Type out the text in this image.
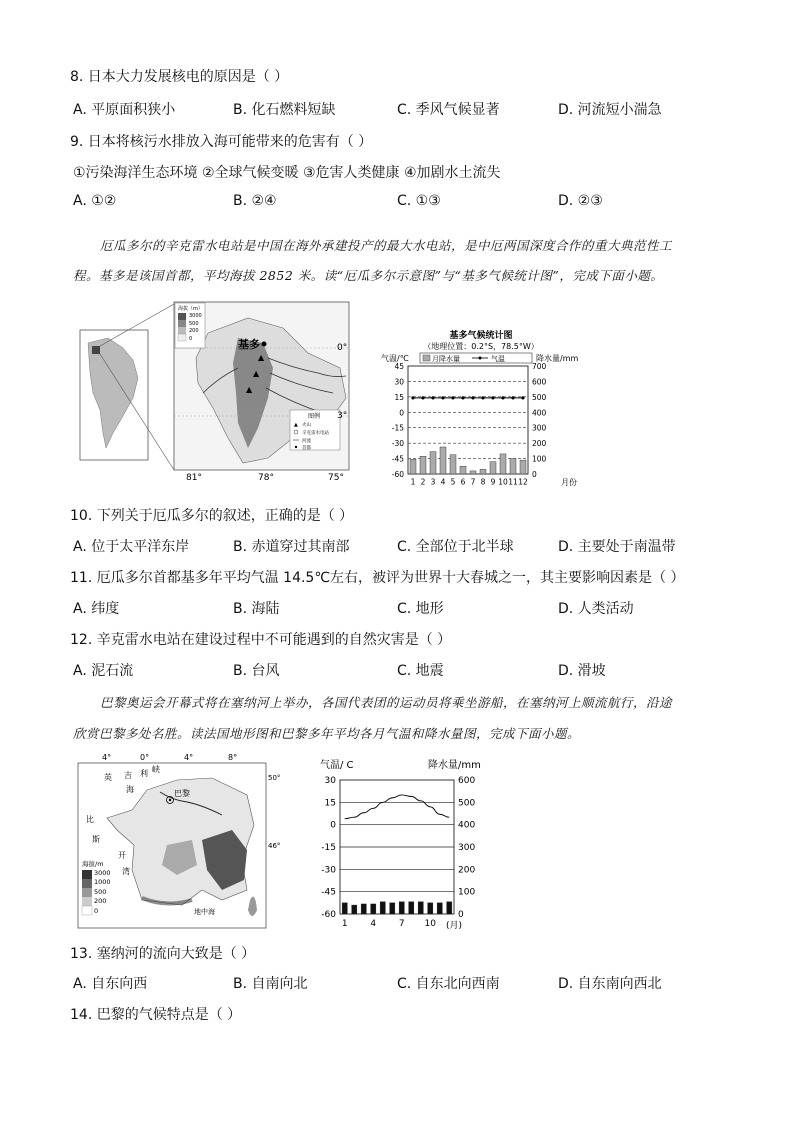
8. 日本大力发展核电的原因是（ ）
A. 平原面积狭小	B. 化石燃料短缺	C. 季风气候显著	D. 河流短小湍急
9. 日本将核污水排放入海可能带来的危害有（ ）
①污染海洋生态环境 ②全球气候变暖 ③危害人类健康 ④加剧水土流失
A. ①②	B. ②④	C. ①③	D. ②③
厄瓜多尔的辛克雷水电站是中国在海外承建投产的最大水电站，是中厄两国深度合作的重大典范性工
程。基多是该国首都，平均海拔 2852 米。读“厄瓜多尔示意图”与“基多气候统计图”，完成下面小题。
基多
▲
▲
▲
海拔（m）
3000
500
200
0
图例
▲ 火山
辛克雷水电站
河流
首都
0°
3°
81°	78°	75°
基多气候统计图
（地理位置：0.2°S，78.5°W）
气温/℃	降水量/mm
月降水量	气温
45
30
15
0
-15
-30
-45
-60
700
600
500
400
300
200
100
0
1 2 3 4 5 6 7 8 9 10 11 12	月份
10. 下列关于厄瓜多尔的叙述，正确的是（ ）
A. 位于太平洋东岸	B. 赤道穿过其南部	C. 全部位于北半球	D. 主要处于南温带
11. 厄瓜多尔首都基多年平均气温 14.5℃左右，被评为世界十大春城之一，其主要影响因素是（ ）
A. 纬度	B. 海陆	C. 地形	D. 人类活动
12. 辛克雷水电站在建设过程中不可能遇到的自然灾害是（ ）
A. 泥石流	B. 台风	C. 地震	D. 滑坡
巴黎奥运会开幕式将在塞纳河上举办，各国代表团的运动员将乘坐游船，在塞纳河上顺流航行，沿途
欣赏巴黎多处名胜。读法国地形图和巴黎多年平均各月气温和降水量图，完成下面小题。
4°	0°	4°	8°
巴黎
英 吉 利
海
峡
比
斯
开
湾
地中海
海拔/m
3000
1000
500
200
0
50°
46°
气温/ C	降水量/mm
30
15
0
-15
-30
-45
-60
600
500
400
300
200
100
0
1	4	7 10 (月)
13. 塞纳河的流向大致是（ ）
A. 自东向西	B. 自南向北	C. 自东北向西南	D. 自东南向西北
14. 巴黎的气候特点是（ ）
